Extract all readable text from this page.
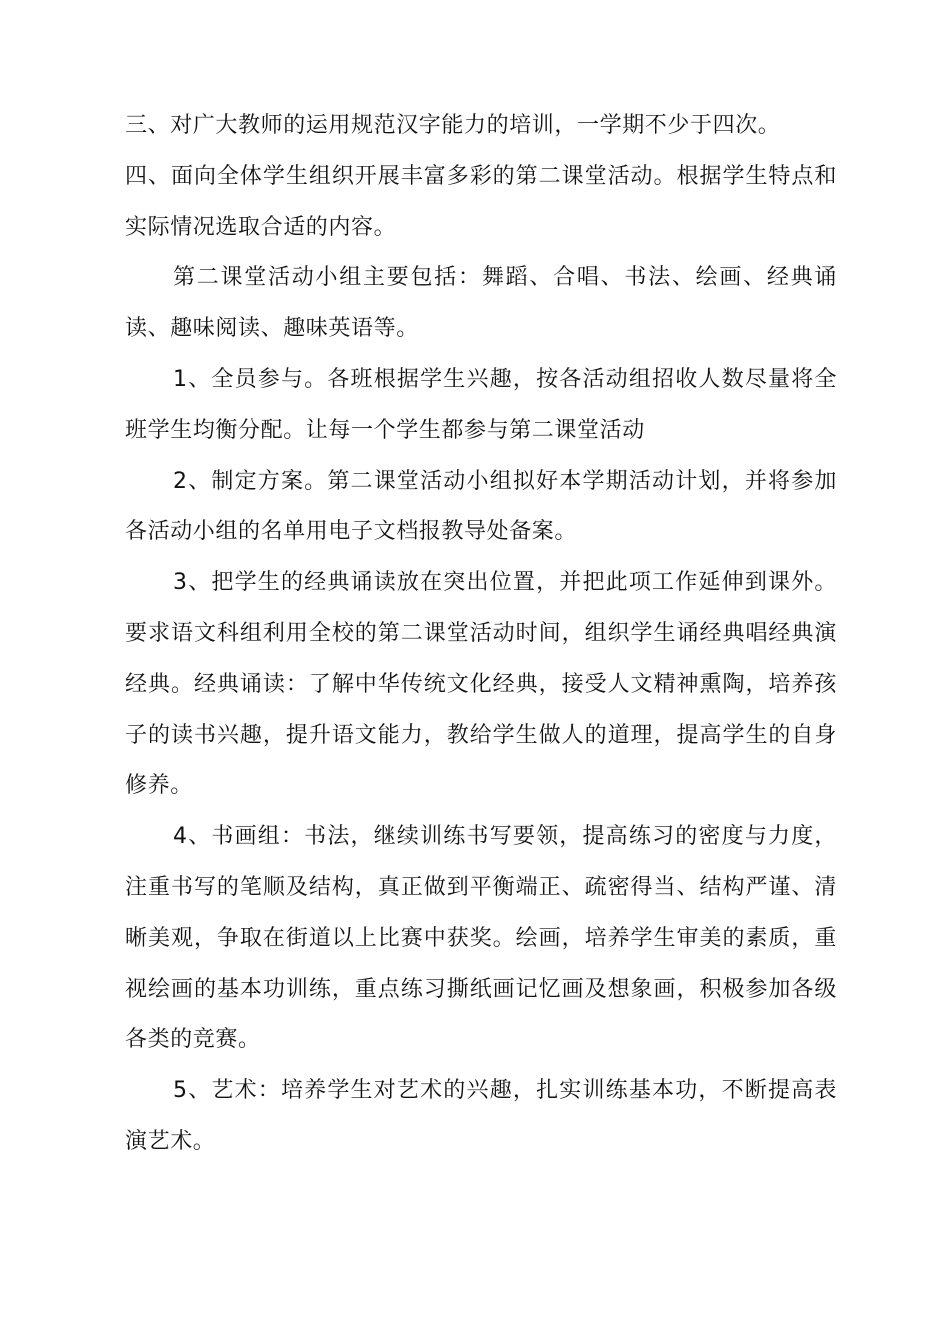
三、对广大教师的运用规范汉字能力的培训，一学期不少于四次。

四、面向全体学生组织开展丰富多彩的第二课堂活动。根据学生特点和实际情况选取合适的内容。

第二课堂活动小组主要包括：舞蹈、合唱、书法、绘画、经典诵读、趣味阅读、趣味英语等。

1、全员参与。各班根据学生兴趣，按各活动组招收人数尽量将全班学生均衡分配。让每一个学生都参与第二课堂活动

2、制定方案。第二课堂活动小组拟好本学期活动计划，并将参加各活动小组的名单用电子文档报教导处备案。

3、把学生的经典诵读放在突出位置，并把此项工作延伸到课外。要求语文科组利用全校的第二课堂活动时间，组织学生诵经典唱经典演经典。经典诵读：了解中华传统文化经典，接受人文精神熏陶，培养孩子的读书兴趣，提升语文能力，教给学生做人的道理，提高学生的自身修养。

4、书画组：书法，继续训练书写要领，提高练习的密度与力度，注重书写的笔顺及结构，真正做到平衡端正、疏密得当、结构严谨、清晰美观，争取在街道以上比赛中获奖。绘画，培养学生审美的素质，重视绘画的基本功训练，重点练习撕纸画记忆画及想象画，积极参加各级各类的竞赛。

5、艺术：培养学生对艺术的兴趣，扎实训练基本功，不断提高表演艺术。
